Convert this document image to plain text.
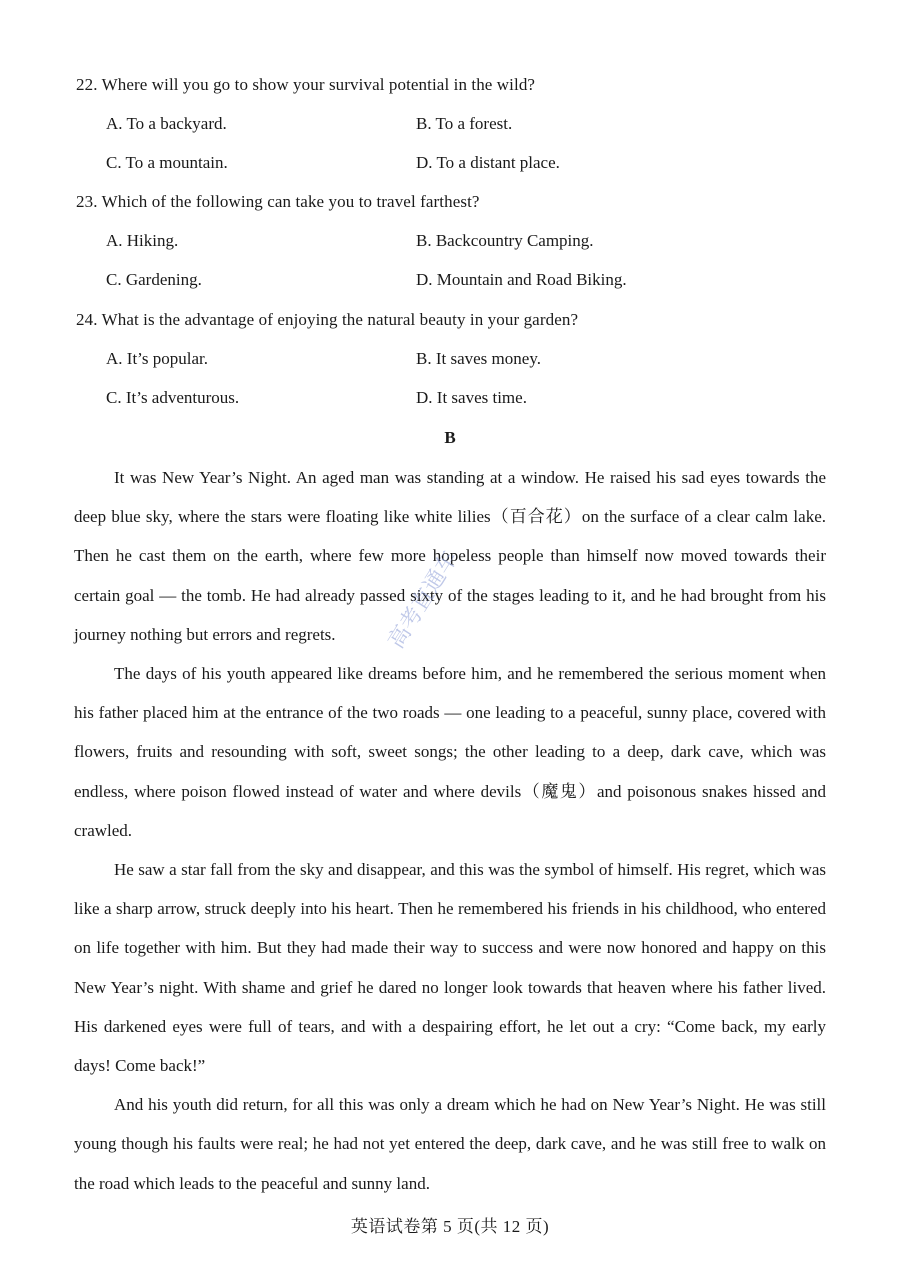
22. Where will you go to show your survival potential in the wild?
A. To a backyard.	B. To a forest.
C. To a mountain.	D. To a distant place.
23. Which of the following can take you to travel farthest?
A. Hiking.	B. Backcountry Camping.
C. Gardening.	D. Mountain and Road Biking.
24. What is the advantage of enjoying the natural beauty in your garden?
A. It’s popular.	B. It saves money.
C. It’s adventurous.	D. It saves time.
B

It was New Year’s Night. An aged man was standing at a window. He raised his sad eyes towards the deep blue sky, where the stars were floating like white lilies（百合花）on the surface of a clear calm lake. Then he cast them on the earth, where few more hopeless people than himself now moved towards their certain goal — the tomb. He had already passed sixty of the stages leading to it, and he had brought from his journey nothing but errors and regrets.

The days of his youth appeared like dreams before him, and he remembered the serious moment when his father placed him at the entrance of the two roads — one leading to a peaceful, sunny place, covered with flowers, fruits and resounding with soft, sweet songs; the other leading to a deep, dark cave, which was endless, where poison flowed instead of water and where devils（魔鬼）and poisonous snakes hissed and crawled.

He saw a star fall from the sky and disappear, and this was the symbol of himself. His regret, which was like a sharp arrow, struck deeply into his heart. Then he remembered his friends in his childhood, who entered on life together with him. But they had made their way to success and were now honored and happy on this New Year’s night. With shame and grief he dared no longer look towards that heaven where his father lived. His darkened eyes were full of tears, and with a despairing effort, he let out a cry: “Come back, my early days! Come back!”

And his youth did return, for all this was only a dream which he had on New Year’s Night. He was still young though his faults were real; he had not yet entered the deep, dark cave, and he was still free to walk on the road which leads to the peaceful and sunny land.

高考直通车
英语试卷第 5 页(共 12 页)
